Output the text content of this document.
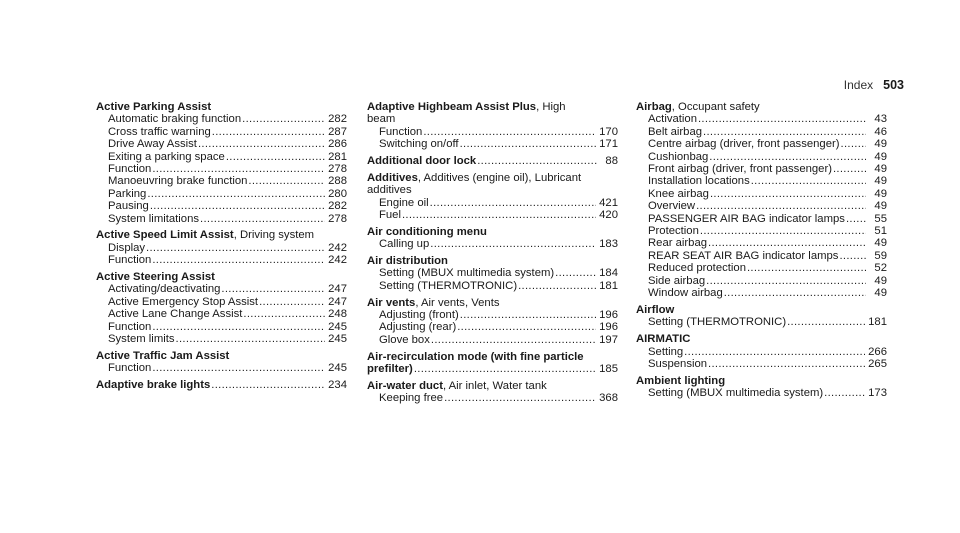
Index 503
Active Parking Assist
Automatic braking function .....	282
Cross traffic warning .....	287
Drive Away Assist .....	286
Exiting a parking space .....	281
Function .....	278
Manoeuvring brake function .....	288
Parking .....	280
Pausing .....	282
System limitations .....	278
Active Speed Limit Assist, Driving system
Display .....	242
Function .....	242
Active Steering Assist
Activating/deactivating .....	247
Active Emergency Stop Assist .....	247
Active Lane Change Assist .....	248
Function .....	245
System limits .....	245
Active Traffic Jam Assist
Function .....	245
Adaptive brake lights .....	234
Adaptive Highbeam Assist Plus, High
beam
Function .....	170
Switching on/off .....	171
Additional door lock .....	88
Additives, Additives (engine oil), Lubricant
additives
Engine oil .....	421
Fuel .....	420
Air conditioning menu
Calling up .....	183
Air distribution
Setting (MBUX multimedia system) .....	184
Setting (THERMOTRONIC) .....	181
Air vents, Air vents, Vents
Adjusting (front) .....	196
Adjusting (rear) .....	196
Glove box .....	197
Air-recirculation mode (with fine particle
prefilter) .....	185
Air-water duct, Air inlet, Water tank
Keeping free .....	368
Airbag, Occupant safety
Activation .....	43
Belt airbag .....	46
Centre airbag (driver, front passenger) .....	49
Cushionbag .....	49
Front airbag (driver, front passenger) .....	49
Installation locations .....	49
Knee airbag .....	49
Overview .....	49
PASSENGER AIR BAG indicator lamps .....	55
Protection .....	51
Rear airbag .....	49
REAR SEAT AIR BAG indicator lamps .....	59
Reduced protection .....	52
Side airbag .....	49
Window airbag .....	49
Airflow
Setting (THERMOTRONIC) .....	181
AIRMATIC
Setting .....	266
Suspension .....	265
Ambient lighting
Setting (MBUX multimedia system) .....	173
